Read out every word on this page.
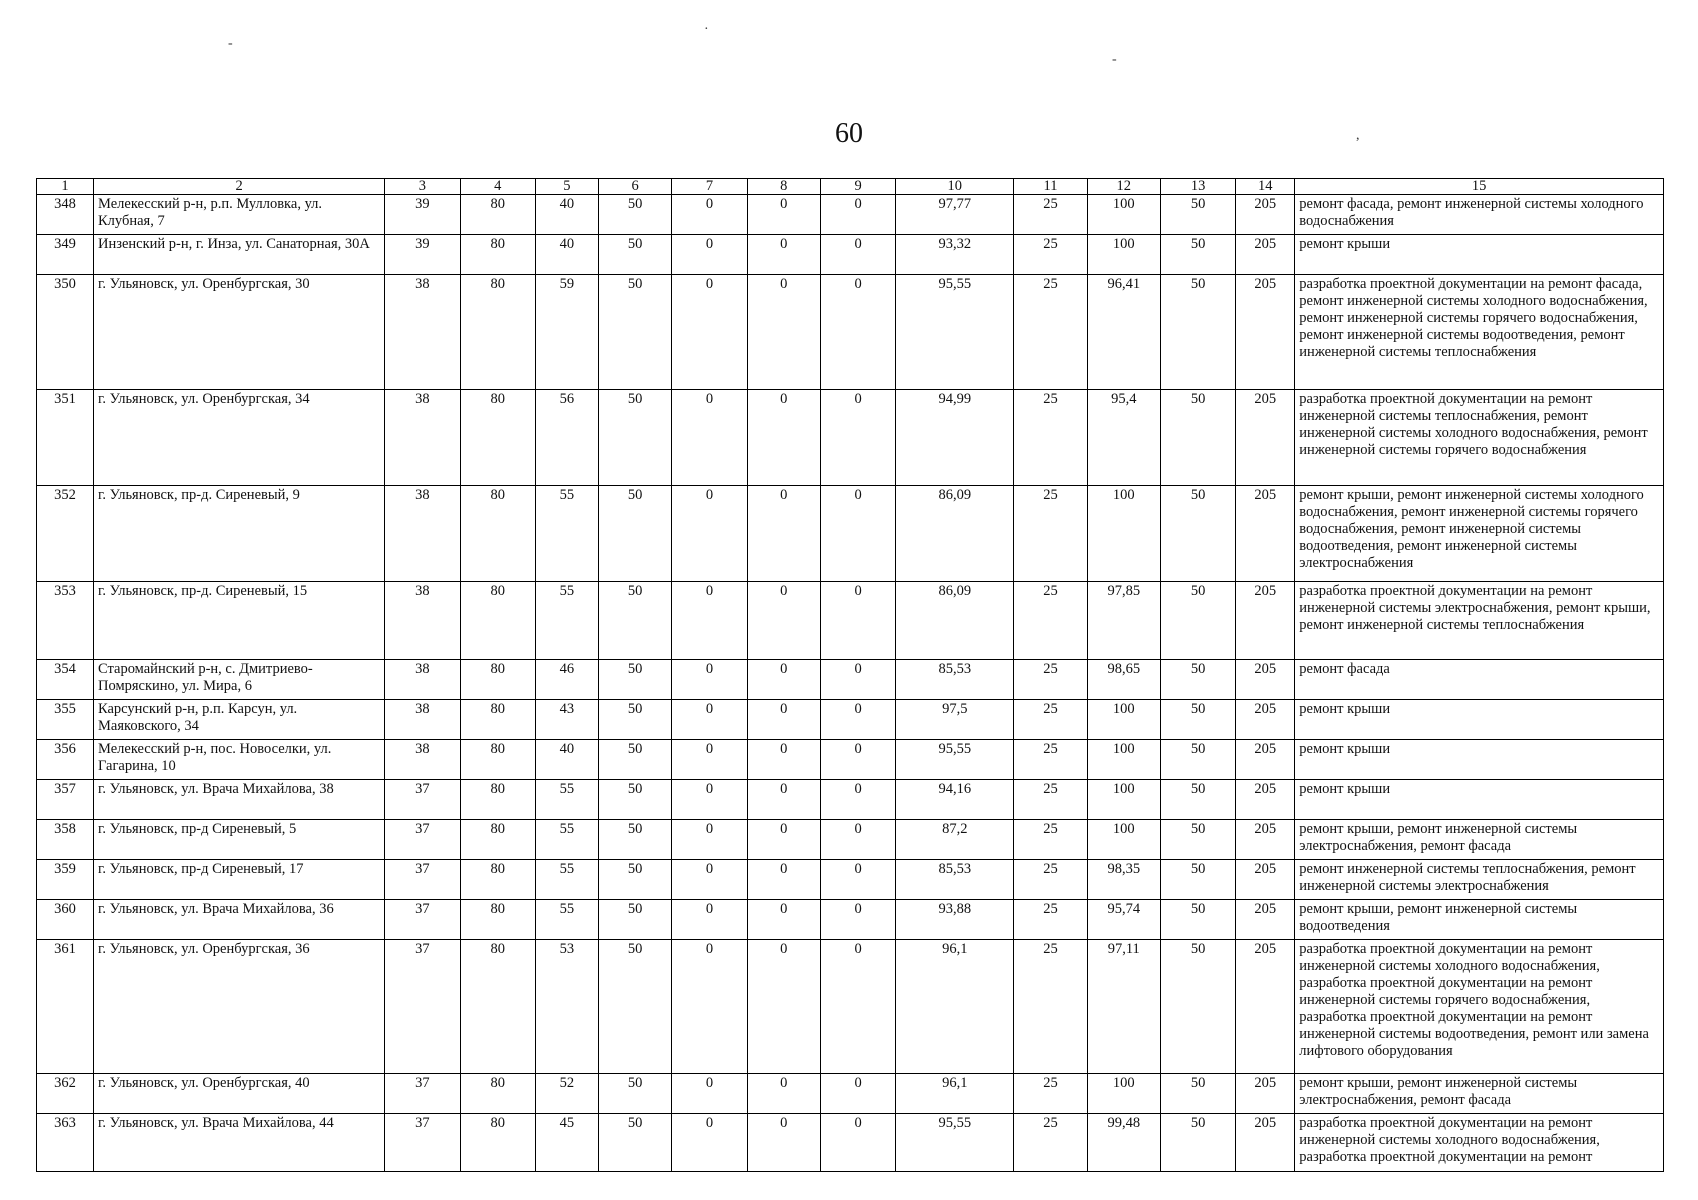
60
-
·
-
,
1	2	3	4	5	6	7	8	9	10	11	12	13	14	15
348	Мелекесский р-н, р.п. Мулловка, ул. Клубная, 7	39	80	40	50	0	0	0	97,77	25	100	50	205	ремонт фасада, ремонт инженерной системы холодного водоснабжения
349	Инзенский р-н, г. Инза, ул. Санаторная, 30А	39	80	40	50	0	0	0	93,32	25	100	50	205	ремонт крыши
350	г. Ульяновск, ул. Оренбургская, 30	38	80	59	50	0	0	0	95,55	25	96,41	50	205	разработка проектной документации на ремонт фасада, ремонт инженерной системы холодного водоснабжения, ремонт инженерной системы горячего водоснабжения, ремонт инженерной системы водоотведения, ремонт инженерной системы теплоснабжения
351	г. Ульяновск, ул. Оренбургская, 34	38	80	56	50	0	0	0	94,99	25	95,4	50	205	разработка проектной документации на ремонт инженерной системы теплоснабжения, ремонт инженерной системы холодного водоснабжения, ремонт инженерной системы горячего водоснабжения
352	г. Ульяновск, пр-д. Сиреневый, 9	38	80	55	50	0	0	0	86,09	25	100	50	205	ремонт крыши, ремонт инженерной системы холодного водоснабжения, ремонт инженерной системы горячего водоснабжения, ремонт инженерной системы водоотведения, ремонт инженерной системы электроснабжения
353	г. Ульяновск, пр-д. Сиреневый, 15	38	80	55	50	0	0	0	86,09	25	97,85	50	205	разработка проектной документации на ремонт инженерной системы электроснабжения, ремонт крыши, ремонт инженерной системы теплоснабжения
354	Старомайнский р-н, с. Дмитриево-Помряскино, ул. Мира, 6	38	80	46	50	0	0	0	85,53	25	98,65	50	205	ремонт фасада
355	Карсунский р-н, р.п. Карсун, ул. Маяковского, 34	38	80	43	50	0	0	0	97,5	25	100	50	205	ремонт крыши
356	Мелекесский р-н, пос. Новоселки, ул. Гагарина, 10	38	80	40	50	0	0	0	95,55	25	100	50	205	ремонт крыши
357	г. Ульяновск, ул. Врача Михайлова, 38	37	80	55	50	0	0	0	94,16	25	100	50	205	ремонт крыши
358	г. Ульяновск, пр-д Сиреневый, 5	37	80	55	50	0	0	0	87,2	25	100	50	205	ремонт крыши, ремонт инженерной системы электроснабжения, ремонт фасада
359	г. Ульяновск, пр-д Сиреневый, 17	37	80	55	50	0	0	0	85,53	25	98,35	50	205	ремонт инженерной системы теплоснабжения, ремонт инженерной системы электроснабжения
360	г. Ульяновск, ул. Врача Михайлова, 36	37	80	55	50	0	0	0	93,88	25	95,74	50	205	ремонт крыши, ремонт инженерной системы водоотведения
361	г. Ульяновск, ул. Оренбургская, 36	37	80	53	50	0	0	0	96,1	25	97,11	50	205	разработка проектной документации на ремонт инженерной системы холодного водоснабжения, разработка проектной документации на ремонт инженерной системы горячего водоснабжения, разработка проектной документации на ремонт инженерной системы водоотведения, ремонт или замена лифтового оборудования
362	г. Ульяновск, ул. Оренбургская, 40	37	80	52	50	0	0	0	96,1	25	100	50	205	ремонт крыши, ремонт инженерной системы электроснабжения, ремонт фасада
363	г. Ульяновск, ул. Врача Михайлова, 44	37	80	45	50	0	0	0	95,55	25	99,48	50	205	разработка проектной документации на ремонт инженерной системы холодного водоснабжения, разработка проектной документации на ремонт
